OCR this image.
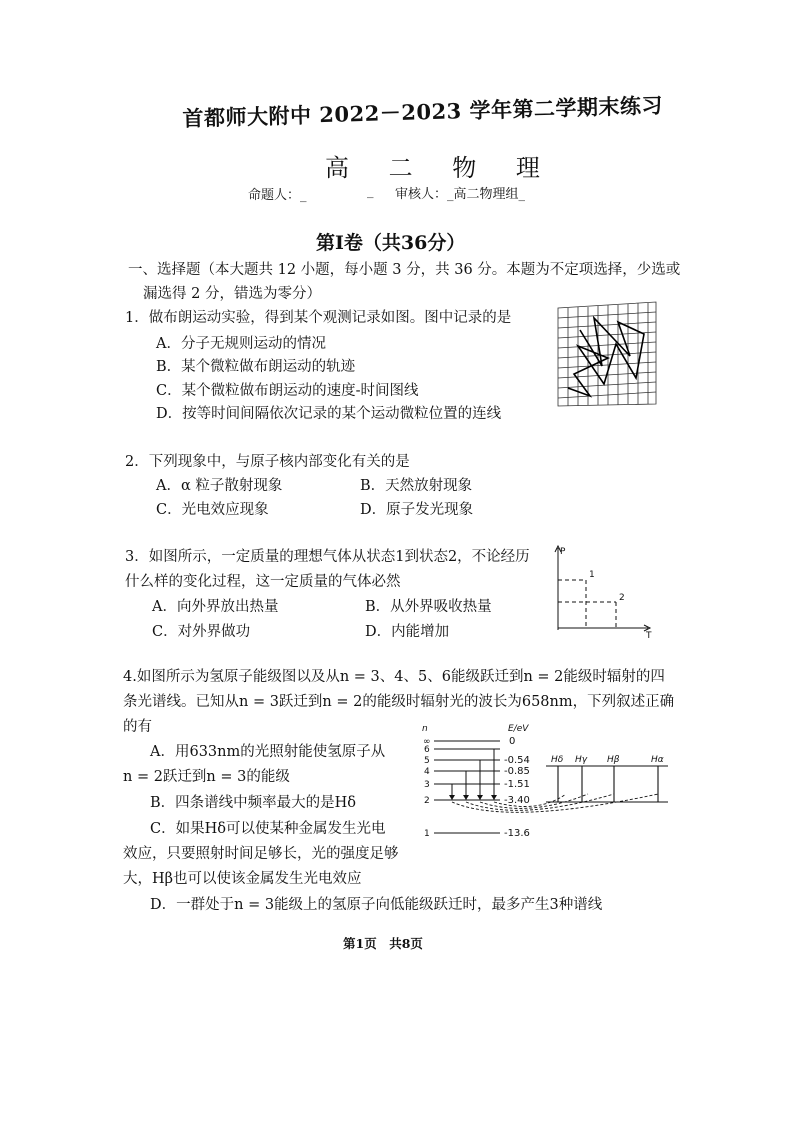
首都师大附中 2022－2023 学年第二学期末练习
高 二 物 理
命题人：_	_ 审核人：_高二物理组_
第Ⅰ卷（共36分）
一、选择题（本大题共 12 小题，每小题 3 分，共 36 分。本题为不定项选择，少选或
漏选得 2 分，错选为零分）
1．做布朗运动实验，得到某个观测记录如图。图中记录的是
A．分子无规则运动的情况
B．某个微粒做布朗运动的轨迹
C．某个微粒做布朗运动的速度-时间图线
D．按等时间间隔依次记录的某个运动微粒位置的连线
2．下列现象中，与原子核内部变化有关的是
A．α 粒子散射现象	B．天然放射现象
C．光电效应现象	D．原子发光现象
3．如图所示，一定质量的理想气体从状态1到状态2，不论经历
什么样的变化过程，这一定质量的气体必然
A．向外界放出热量	B．从外界吸收热量
C．对外界做功	D．内能增加
P
T
1
2
4.如图所示为氢原子能级图以及从n = 3、4、5、6能级跃迁到n = 2能级时辐射的四
条光谱线。已知从n = 3跃迁到n = 2的能级时辐射光的波长为658nm，下列叙述正确
的有
A．用633nm的光照射能使氢原子从
n = 2跃迁到n = 3的能级
B．四条谱线中频率最大的是Hδ
C．如果Hδ可以使某种金属发生光电
效应，只要照射时间足够长，光的强度足够
大，Hβ也可以使该金属发生光电效应
D．一群处于n = 3能级上的氢原子向低能级跃迁时，最多产生3种谱线
n	E/eV
∞
6
5
4
3
2
1
0
-0.54
-0.85
-1.51
-3.40
-13.6
Hδ Hγ Hβ	Hα
第1页　共8页
